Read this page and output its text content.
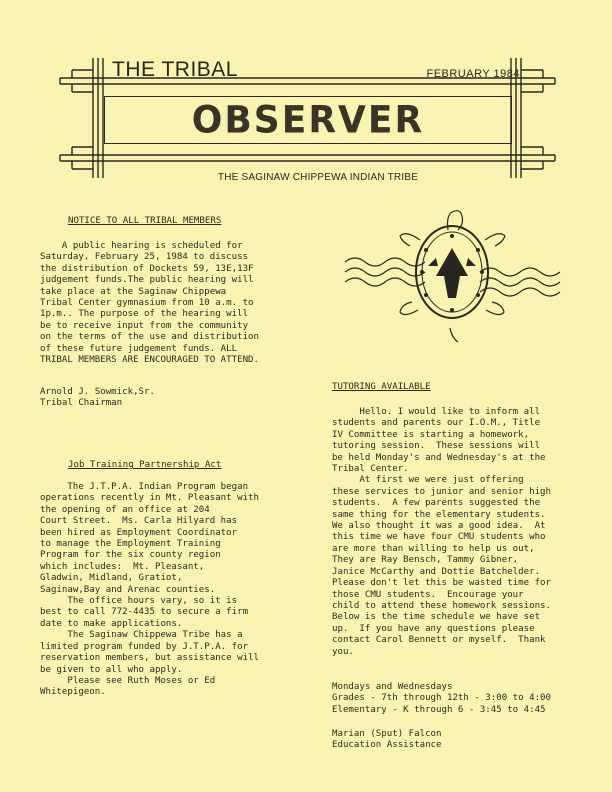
THE TRIBAL	FEBRUARY 1984
OBSERVER
THE SAGINAW CHIPPEWA INDIAN TRIBE
NOTICE TO ALL TRIBAL MEMBERS
A public hearing is scheduled for
Saturday, February 25, 1984 to discuss
the distribution of Dockets 59, 13E,13F
judgement funds.The public hearing will
take place at the Saginaw Chippewa
Tribal Center gymnasium from 10 a.m. to
1p.m.. The purpose of the hearing will
be to receive input from the community
on the terms of the use and distribution
of these future judgement funds. ALL
TRIBAL MEMBERS ARE ENCOURAGED TO ATTEND.
Arnold J. Sowmick,Sr.
Tribal Chairman
Job Training Partnership Act
The J.T.P.A. Indian Program began
operations recently in Mt. Pleasant with
the opening of an office at 204
Court Street.  Ms. Carla Hilyard has
been hired as Employment Coordinator
to manage the Employment Training
Program for the six county region
which includes:  Mt. Pleasant,
Gladwin, Midland, Gratiot,
Saginaw,Bay and Arenac counties.
The office hours vary, so it is
best to call 772-4435 to secure a firm
date to make applications.
The Saginaw Chippewa Tribe has a
limited program funded by J.T.P.A. for
reservation members, but assistance will
be given to all who apply.
Please see Ruth Moses or Ed
Whitepigeon.
TUTORING AVAILABLE
Hello. I would like to inform all
students and parents our I.O.M., Title
IV Committee is starting a homework,
tutoring session.  These sessions will
be held Monday's and Wednesday's at the
Tribal Center.
At first we were just offering
these services to junior and senior high
students.  A few parents suggested the
same thing for the elementary students.
We also thought it was a good idea.  At
this time we have four CMU students who
are more than willing to help us out,
They are Ray Bensch, Tammy Gibner,
Janice McCarthy and Dottie Batchelder.
Please don't let this be wasted time for
those CMU students.  Encourage your
child to attend these homework sessions.
Below is the time schedule we have set
up.  If you have any questions please
contact Carol Bennett or myself.  Thank
you.
Mondays and Wednesdays
Grades - 7th through 12th - 3:00 to 4:00
Elementary - K through 6 - 3:45 to 4:45
Marian (Sput) Falcon
Education Assistance
